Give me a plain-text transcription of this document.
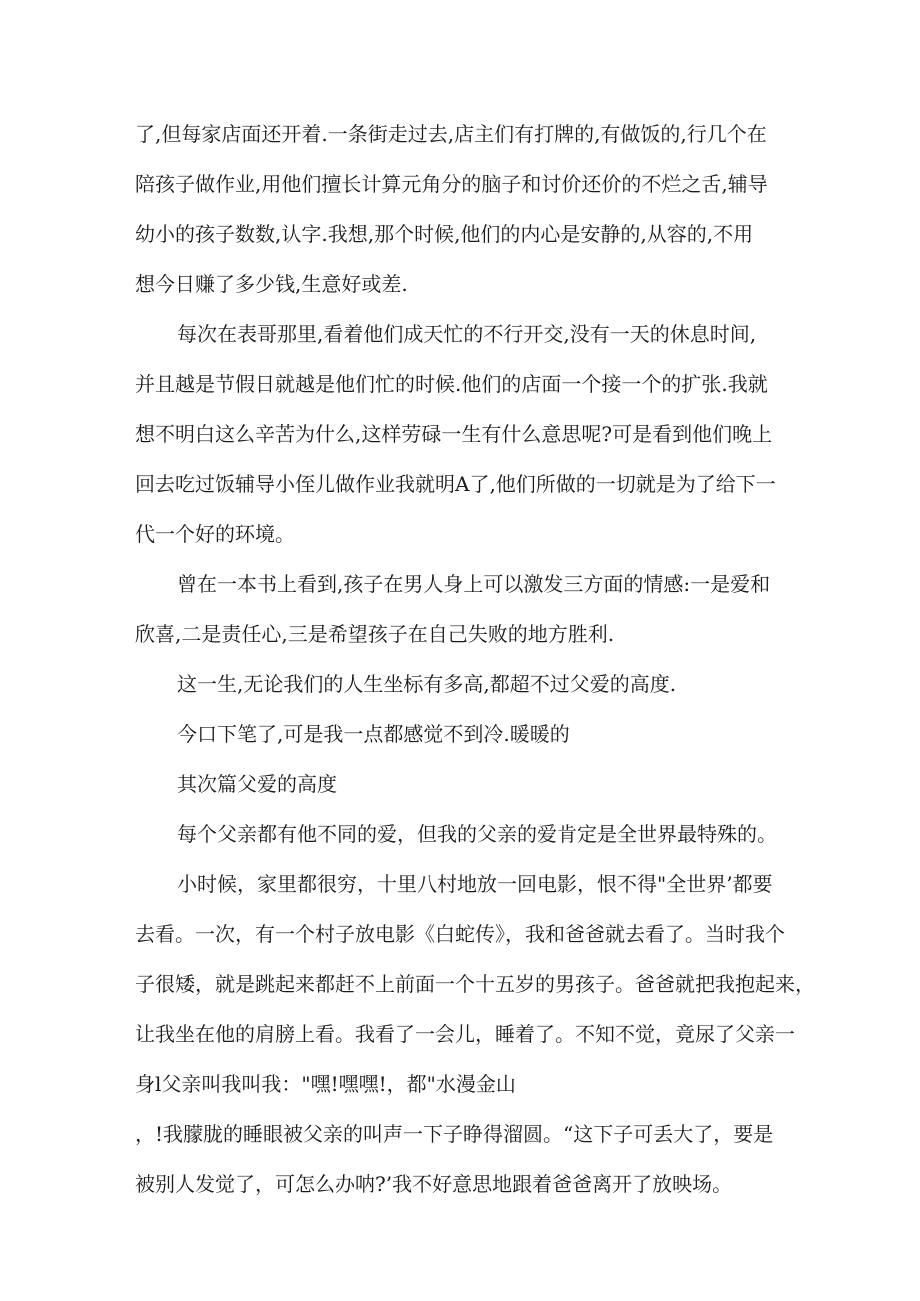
了,但每家店面还开着.一条街走过去,店主们有打牌的,有做饭的,行几个在
陪孩子做作业,用他们擅长计算元角分的脑子和讨价还价的不烂之舌,辅导
幼小的孩子数数,认字.我想,那个时候,他们的内心是安静的,从容的,不用
想今日赚了多少钱,生意好或差.
每次在表哥那里,看着他们成天忙的不行开交,没有一天的休息时间,
并且越是节假日就越是他们忙的时候.他们的店面一个接一个的扩张.我就
想不明白这么辛苦为什么,这样劳碌一生有什么意思呢?可是看到他们晚上
回去吃过饭辅导小侄儿做作业我就明A了,他们所做的一切就是为了给下一
代一个好的环境。
曾在一本书上看到,孩子在男人身上可以激发三方面的情感:一是爱和
欣喜,二是责任心,三是希望孩子在自己失败的地方胜利.
这一生,无论我们的人生坐标有多高,都超不过父爱的高度.
今口下笔了,可是我一点都感觉不到冷.暖暖的
其次篇父爱的高度
每个父亲都有他不同的爱，但我的父亲的爱肯定是全世界最特殊的。
小时候，家里都很穷，十里八村地放一回电影，恨不得"全世界’都要
去看。一次，有一个村子放电影《白蛇传》，我和爸爸就去看了。当时我个
子很矮，就是跳起来都赶不上前面一个十五岁的男孩子。爸爸就把我抱起来，
让我坐在他的肩膀上看。我看了一会儿，睡着了。不知不觉，竟尿了父亲一
身l父亲叫我叫我："嘿!嘿嘿!，都"水漫金山
，!我朦胧的睡眼被父亲的叫声一下子睁得溜圆。“这下子可丢大了，要是
被别人发觉了，可怎么办呐?’我不好意思地跟着爸爸离开了放映场。
